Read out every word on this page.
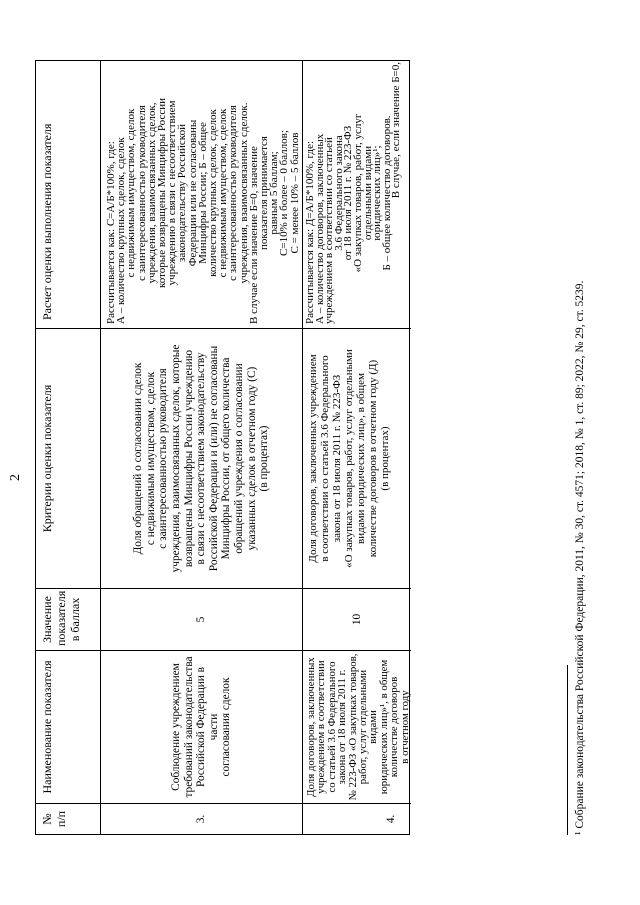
2
№ п/п
Наименование показателя
Значение показателя в баллах
Критерии оценки показателя
Расчет оценки выполнения показателя
3.
Соблюдение учреждением требований законодательства Российской Федерации в части согласования сделок
5
Доля обращений о согласовании сделок с недвижимым имуществом, сделок с заинтересованностью руководителя учреждения, взаимосвязанных сделок, которые возвращены Минцифры России учреждению в связи с несоответствием законодательству Российской Федерации и (или) не согласованы Минцифры России, от общего количества обращений учреждения о согласовании указанных сделок в отчетном году (С) (в процентах)
Рассчитывается как: С=А/Б*100%, где:
А – количество крупных сделок, сделок
с недвижимым имуществом, сделок
с заинтересованностью руководителя
учреждения, взаимосвязанных сделок,
которые возвращены Минцифры России
учреждению в связи с несоответствием
законодательству Российской
Федерации или не согласованы
Минцифры России; Б – общее
количество крупных сделок, сделок
с недвижимым имуществом, сделок
с заинтересованностью руководителя
учреждения, взаимосвязанных сделок.
В случае если значение Б=0, значение
показателя принимается
равным 5 баллам;
С=10% и более – 0 баллов;
С = менее 10% – 5 баллов
4.
Доля договоров, заключенных
учреждением в соответствии
со статьей 3.6 Федерального
закона от 18 июля 2011 г.
№ 223-ФЗ «О закупках товаров,
работ, услуг отдельными видами
юридических лиц»¹, в общем
количестве договоров
в отчетном году
10
Доля договоров, заключенных учреждением в соответствии со статьей 3.6 Федерального закона от 18 июля 2011 г. № 223-ФЗ «О закупках товаров, работ, услуг отдельными видами юридических лиц», в общем количестве договоров в отчетном году (Д) (в процентах)
Рассчитывается как: Д=А/Б*100%, где:
А – количество договоров, заключенных
учреждением в соответствии со статьей
3.6 Федерального закона
от 18 июля 2011 г. № 223-ФЗ
«О закупках товаров, работ, услуг
отдельными видами
юридических лиц»¹;
Б – общее количество договоров.
В случае, если значение Б=0,
¹ Собрание законодательства Российской Федерации, 2011, № 30, ст. 4571; 2018, № 1, ст. 89; 2022, № 29, ст. 5239.
